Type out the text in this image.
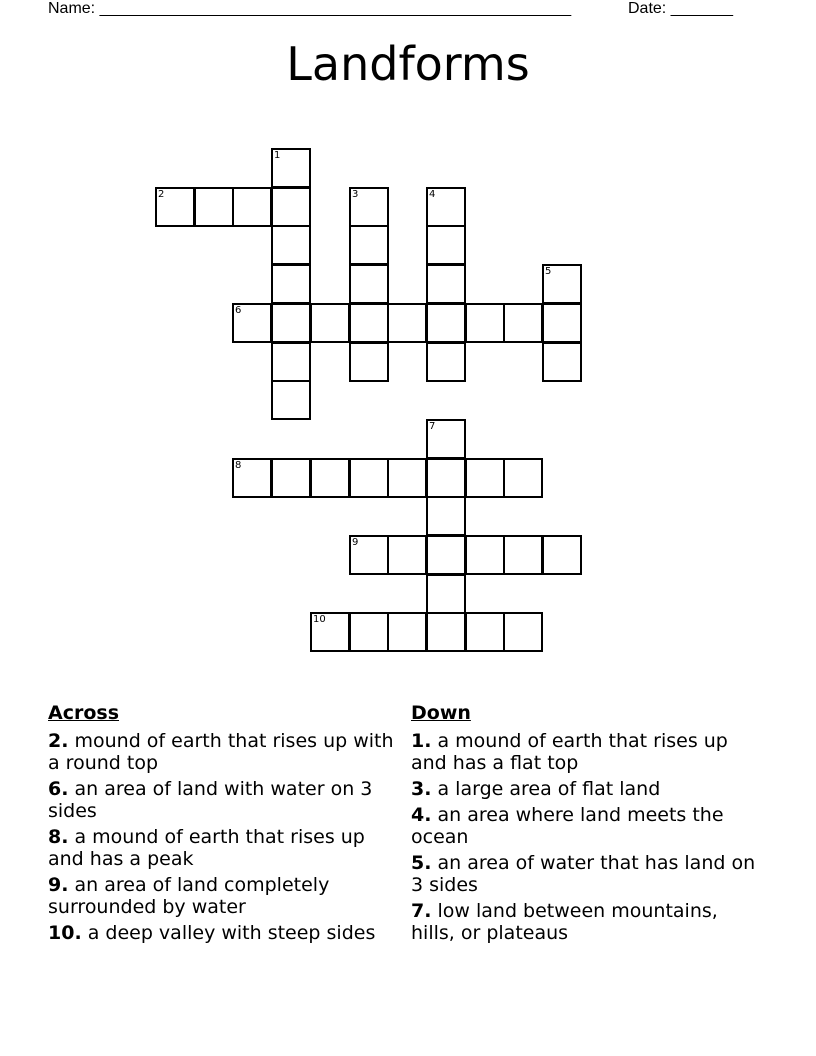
Name: _____________________________________________________	Date: _______
Landforms
1
2	3	4
5
6
7
8
9
10
Across
2. mound of earth that rises up with a round top
6. an area of land with water on 3 sides
8. a mound of earth that rises up and has a peak
9. an area of land completely surrounded by water
10. a deep valley with steep sides
Down
1. a mound of earth that rises up and has a flat top
3. a large area of flat land
4. an area where land meets the ocean
5. an area of water that has land on 3 sides
7. low land between mountains, hills, or plateaus
